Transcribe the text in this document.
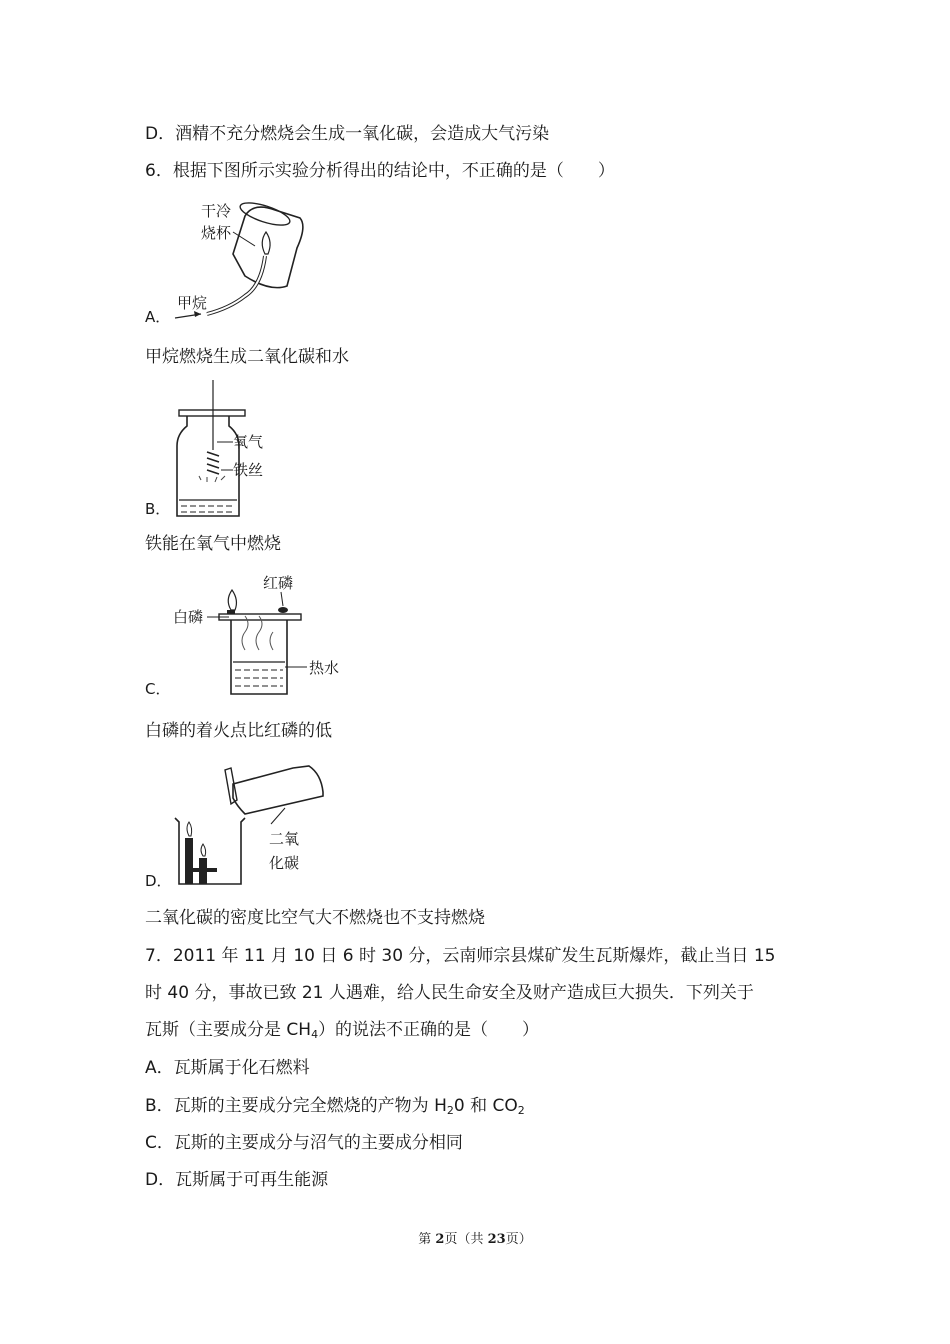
D．酒精不充分燃烧会生成一氧化碳，会造成大气污染
6．根据下图所示实验分析得出的结论中，不正确的是（　　）
干冷
烧杯
甲烷
A．
甲烷燃烧生成二氧化碳和水
氧气
铁丝
B．
铁能在氧气中燃烧
红磷
白磷
热水
C．
白磷的着火点比红磷的低
二氧
化碳
D．
二氧化碳的密度比空气大不燃烧也不支持燃烧
7．2011 年 11 月 10 日 6 时 30 分，云南师宗县煤矿发生瓦斯爆炸，截止当日 15
时 40 分，事故已致 21 人遇难，给人民生命安全及财产造成巨大损失．下列关于
瓦斯（主要成分是 $CH_4$）的说法不正确的是（　　）
A．瓦斯属于化石燃料
B．瓦斯的主要成分完全燃烧的产物为 $H_20$ 和 $CO_2$
C．瓦斯的主要成分与沼气的主要成分相同
D．瓦斯属于可再生能源
第 2页（共 23页）
